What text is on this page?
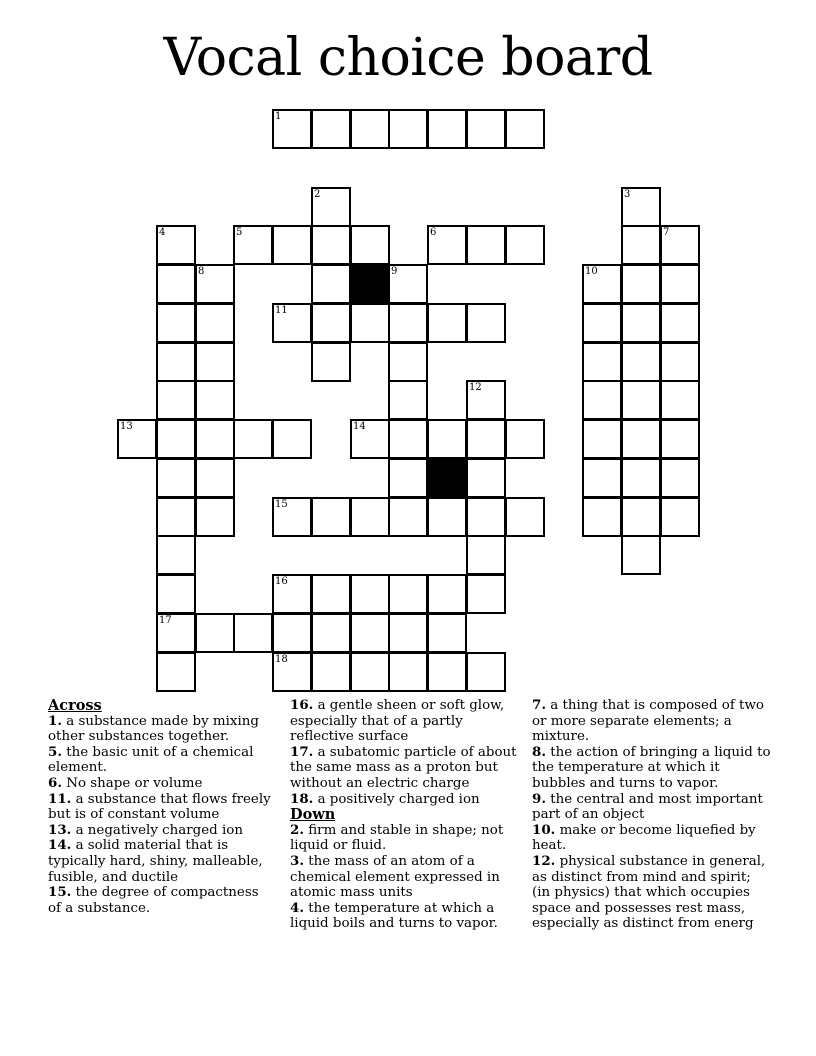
Vocal choice board
1
2	3
4	5	6	7
8	9	10
11
12
13	14
15
16
17
18

Across

1. a substance made by mixing other substances together.

5. the basic unit of a chemical element.

6. No shape or volume

11. a substance that flows freely but is of constant volume

13. a negatively charged ion

14. a solid material that is typically hard, shiny, malleable, fusible, and ductile

15. the degree of compactness of a substance.

16. a gentle sheen or soft glow, especially that of a partly reflective surface

17. a subatomic particle of about the same mass as a proton but without an electric charge

18. a positively charged ion

Down

2. firm and stable in shape; not liquid or fluid.

3. the mass of an atom of a chemical element expressed in atomic mass units

4. the temperature at which a liquid boils and turns to vapor.

7. a thing that is composed of two or more separate elements; a mixture.

8. the action of bringing a liquid to the temperature at which it bubbles and turns to vapor.

9. the central and most important part of an object

10. make or become liquefied by heat.

12. physical substance in general, as distinct from mind and spirit; (in physics) that which occupies space and possesses rest mass, especially as distinct from energ
